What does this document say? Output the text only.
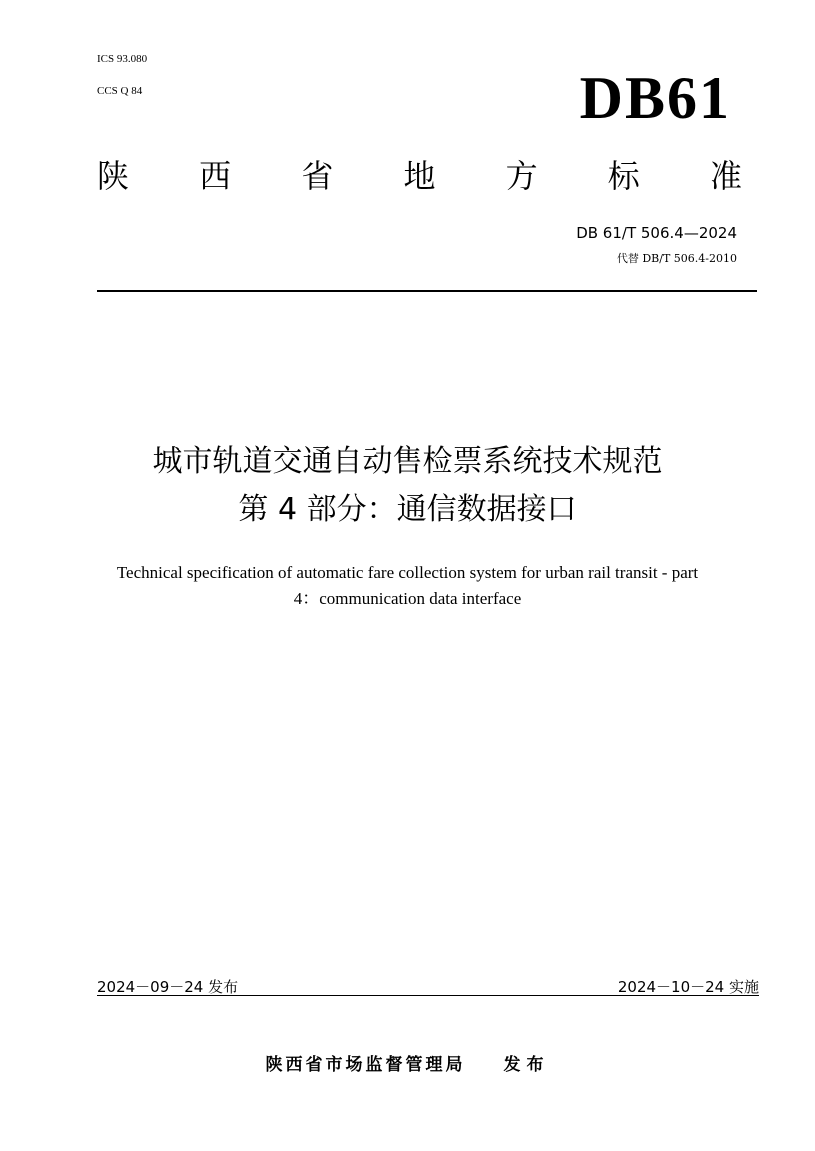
ICS 93.080
CCS Q 84	DB61
陕 西 省 地 方 标 准
DB 61/T 506.4—2024
代替 DB/T 506.4-2010
城市轨道交通自动售检票系统技术规范
第 4 部分：通信数据接口
Technical specification of automatic fare collection system for urban rail transit - part
4：communication data interface
2024－09－24 发布	2024－10－24 实施
陕西省市场监督管理局 发布
